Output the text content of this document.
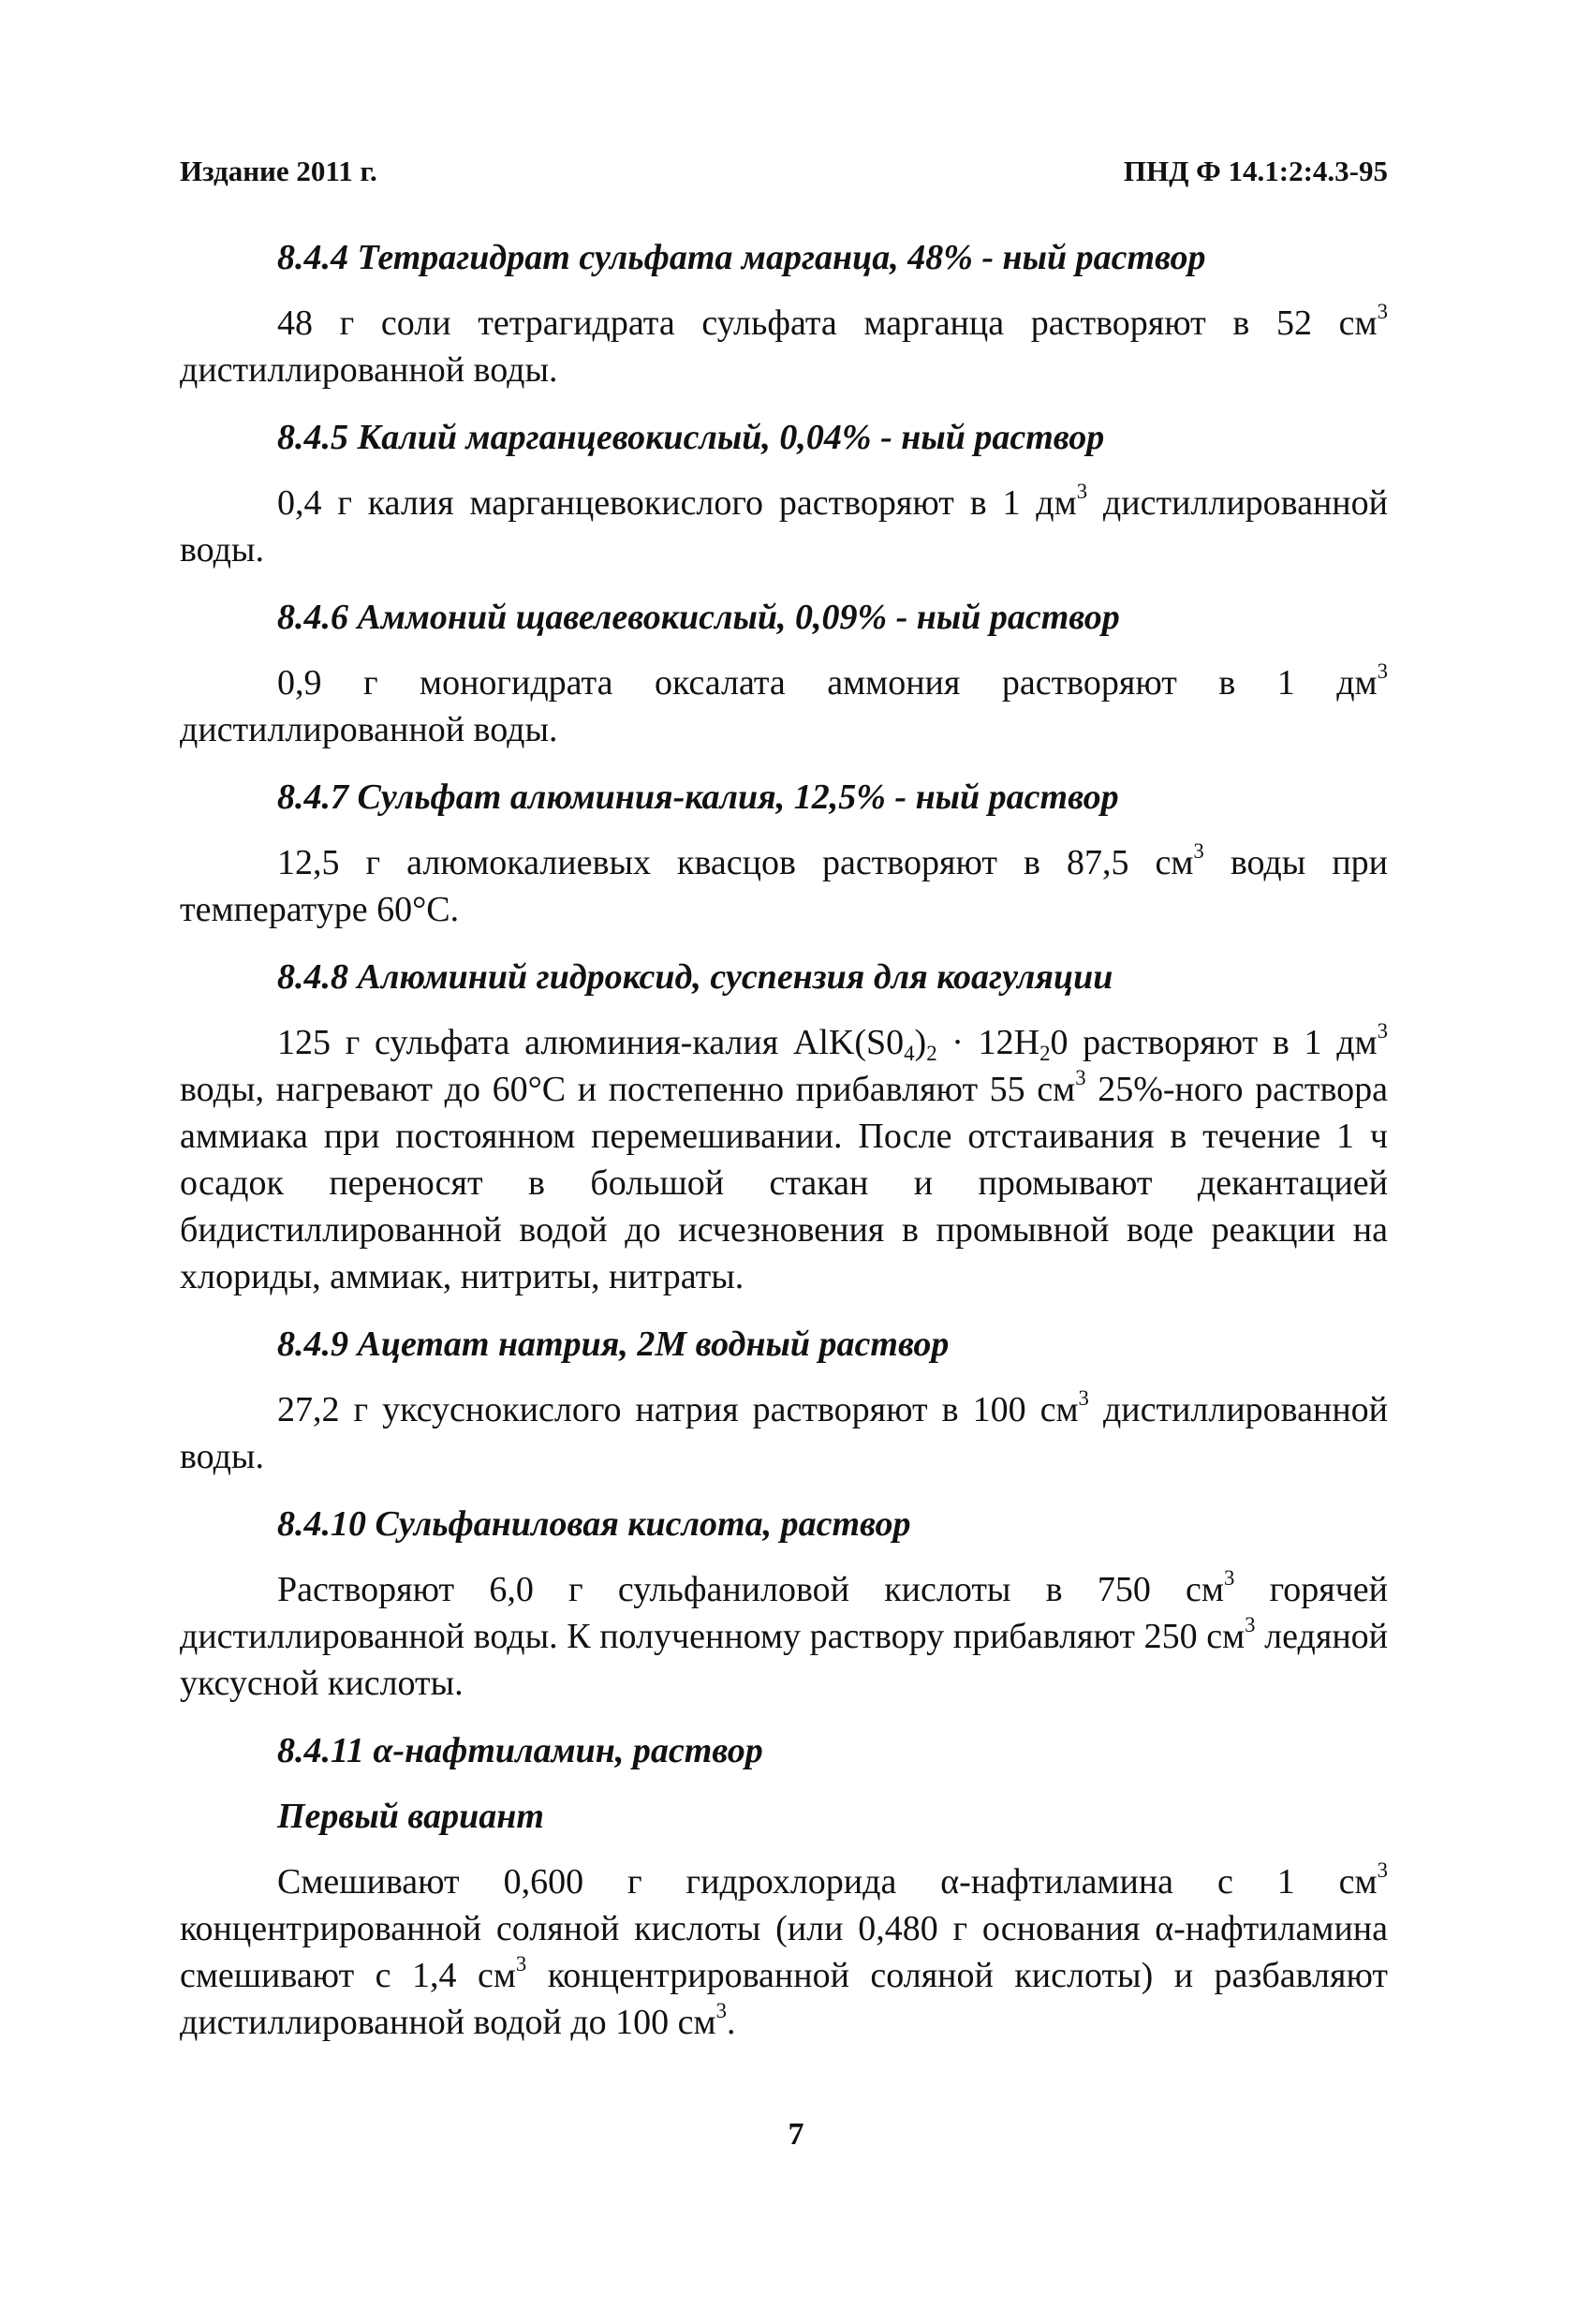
Издание 2011 г.	ПНД Ф 14.1:2:4.3-95
8.4.4 Тетрагидрат сульфата марганца, 48% - ный раствор
48 г соли тетрагидрата сульфата марганца растворяют в 52 $см^3$ дистиллированной воды.
8.4.5 Калий марганцевокислый, 0,04% - ный раствор
0,4 г калия марганцевокислого растворяют в 1 $дм^3$ дистиллированной воды.
8.4.6 Аммоний щавелевокислый, 0,09% - ный раствор
0,9 г моногидрата оксалата аммония растворяют в 1 $дм^3$ дистиллированной воды.
8.4.7 Сульфат алюминия-калия, 12,5% - ный раствор
12,5 г алюмокалиевых квасцов растворяют в 87,5 $см^3$ воды при температуре 60°С.
8.4.8 Алюминий гидроксид, суспензия для коагуляции
125 г сульфата алюминия-калия $AlK(S0_4)_2 \cdot 12H_20$ растворяют в 1 $дм^3$ воды, нагревают до 60°С и постепенно прибавляют 55 $см^3$ 25%-ного раствора аммиака при постоянном перемешивании. После отстаивания в течение 1 ч осадок переносят в большой стакан и промывают декантацией бидистиллированной водой до исчезновения в промывной воде реакции на хлориды, аммиак, нитриты, нитраты.
8.4.9 Ацетат натрия, 2М водный раствор
27,2 г уксуснокислого натрия растворяют в 100 $см^3$ дистиллированной воды.
8.4.10 Сульфаниловая кислота, раствор
Растворяют 6,0 г сульфаниловой кислоты в 750 $см^3$ горячей дистиллированной воды. К полученному раствору прибавляют 250 $см^3$ ледяной уксусной кислоты.
8.4.11 α-нафтиламин, раствор
Первый вариант
Смешивают 0,600 г гидрохлорида α-нафтиламина с 1 $см^3$ концентрированной соляной кислоты (или 0,480 г основания α-нафтиламина смешивают с 1,4 $см^3$ концентрированной соляной кислоты) и разбавляют дистиллированной водой до 100 $см^3$.
7
